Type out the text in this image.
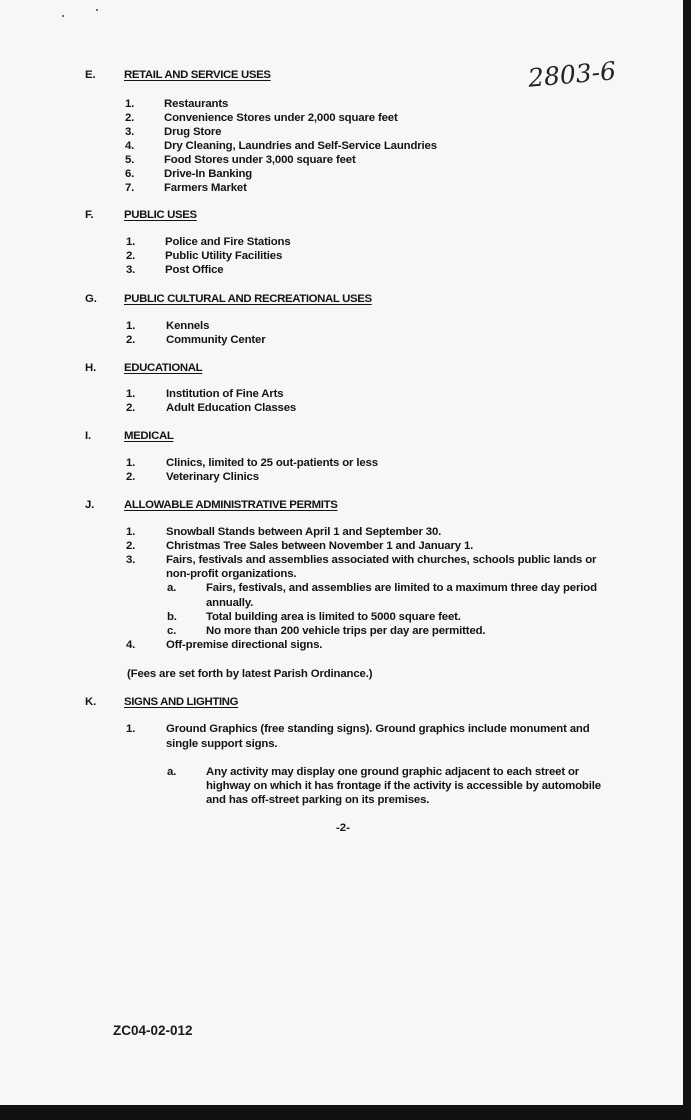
2803-6
E.	RETAIL AND SERVICE USES
1.	Restaurants
2.	Convenience Stores under 2,000 square feet
3.	Drug Store
4.	Dry Cleaning, Laundries and Self-Service Laundries
5.	Food Stores under 3,000 square feet
6.	Drive-In Banking
7.	Farmers Market
F.	PUBLIC USES
1.	Police and Fire Stations
2.	Public Utility Facilities
3.	Post Office
G. PUBLIC CULTURAL AND RECREATIONAL USES
1.	Kennels
2.	Community Center
H. EDUCATIONAL
1.	Institution of Fine Arts
2.	Adult Education Classes
I.	MEDICAL
1.	Clinics, limited to 25 out-patients or less
2.	Veterinary Clinics
J.	ALLOWABLE ADMINISTRATIVE PERMITS
1.	Snowball Stands between April 1 and September 30.
2.	Christmas Tree Sales between November 1 and January 1.
3.	Fairs, festivals and assemblies associated with churches, schools public lands or
non-profit organizations.
a.	Fairs, festivals, and assemblies are limited to a maximum three day period
annually.
b.	Total building area is limited to 5000 square feet.
c.	No more than 200 vehicle trips per day are permitted.
4.	Off-premise directional signs.
K. SIGNS AND LIGHTING
1.	Ground Graphics (free standing signs). Ground graphics include monument and
single support signs.
a.	Any activity may display one ground graphic adjacent to each street or
highway on which it has frontage if the activity is accessible by automobile
and has off-street parking on its premises.
(Fees are set forth by latest Parish Ordinance.)
-2-
ZC04-02-012
